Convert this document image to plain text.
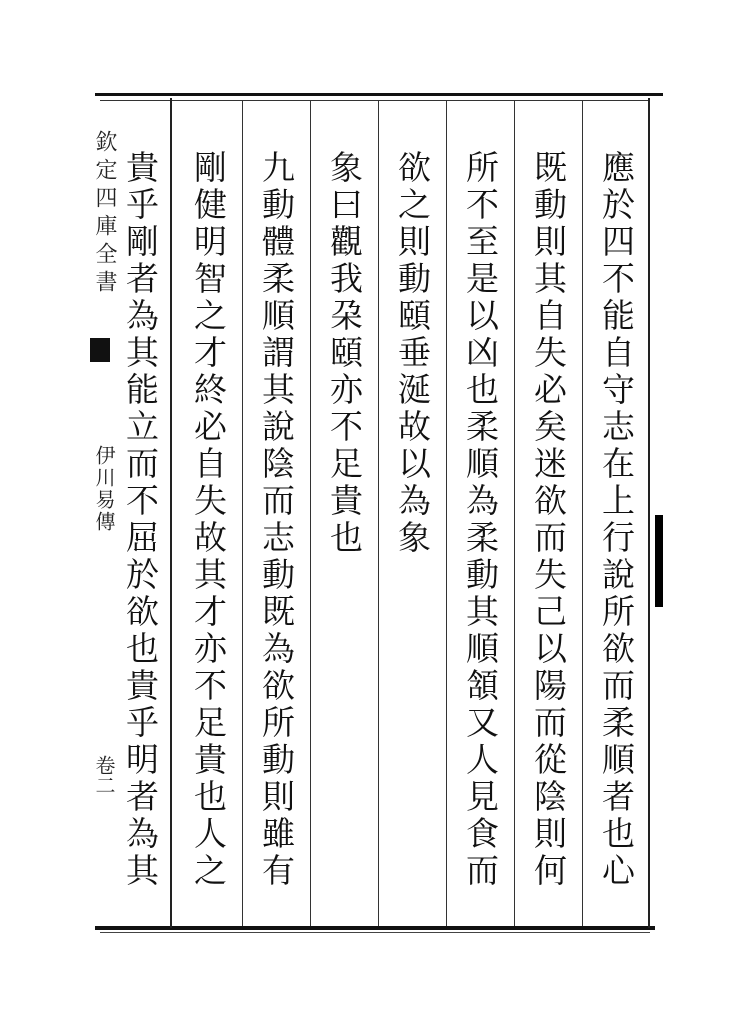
欽定四庫全書
伊川易傳
卷二	應於四不能自守志在上行說所欲而柔順者也心
既動則其自失必矣迷欲而失己以陽而從陰則何
所不至是以凶也柔順為柔動其順頷又人見食而
欲之則動頤垂涎故以為象
象曰觀我朶頤亦不足貴也
九動體柔順謂其說陰而志動既為欲所動則雖有
剛健明智之才終必自失故其才亦不足貴也人之
貴乎剛者為其能立而不屈於欲也貴乎明者為其
